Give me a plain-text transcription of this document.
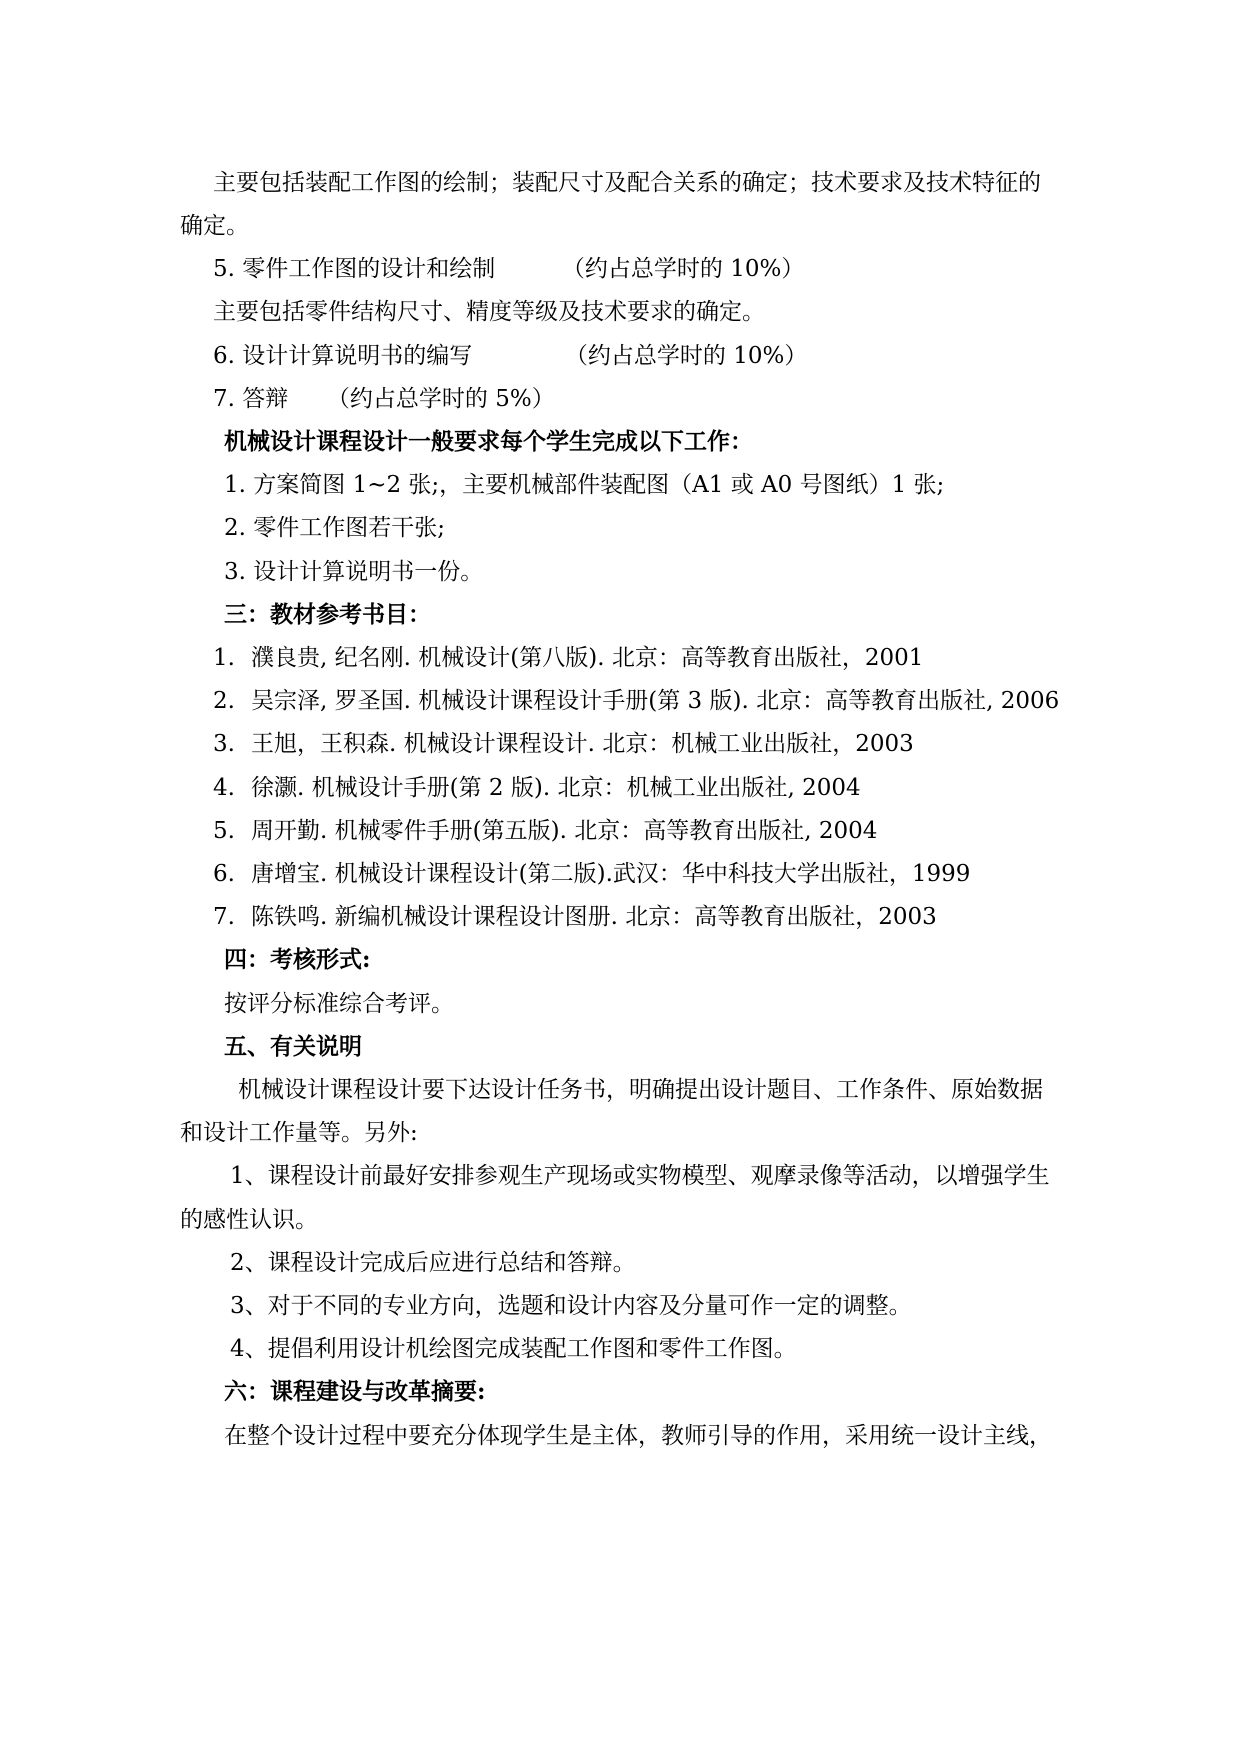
主要包括装配工作图的绘制；装配尺寸及配合关系的确定；技术要求及技术特征的
确定。
5. 零件工作图的设计和绘制	（约占总学时的 10%）
主要包括零件结构尺寸、精度等级及技术要求的确定。
6. 设计计算说明书的编写	（约占总学时的 10%）
7. 答辩 （约占总学时的 5%）
机械设计课程设计一般要求每个学生完成以下工作：
1. 方案简图 1~2 张;，主要机械部件装配图（A1 或 A0 号图纸）1 张;
2. 零件工作图若干张;
3. 设计计算说明书一份。
三：教材参考书目：
1. 濮良贵, 纪名刚. 机械设计(第八版). 北京：高等教育出版社，2001
2. 吴宗泽, 罗圣国. 机械设计课程设计手册(第 3 版). 北京：高等教育出版社, 2006
3. 王旭，王积森. 机械设计课程设计. 北京：机械工业出版社，2003
4. 徐灏. 机械设计手册(第 2 版). 北京：机械工业出版社, 2004
5. 周开勤. 机械零件手册(第五版). 北京：高等教育出版社, 2004
6. 唐增宝. 机械设计课程设计(第二版).武汉：华中科技大学出版社，1999
7. 陈铁鸣. 新编机械设计课程设计图册. 北京：高等教育出版社，2003
四：考核形式:
按评分标准综合考评。
五、有关说明
机械设计课程设计要下达设计任务书，明确提出设计题目、工作条件、原始数据
和设计工作量等。另外:
1、课程设计前最好安排参观生产现场或实物模型、观摩录像等活动，以增强学生
的感性认识。
2、课程设计完成后应进行总结和答辩。
3、对于不同的专业方向，选题和设计内容及分量可作一定的调整。
4、提倡利用设计机绘图完成装配工作图和零件工作图。
六：课程建设与改革摘要:
在整个设计过程中要充分体现学生是主体，教师引导的作用，采用统一设计主线，
